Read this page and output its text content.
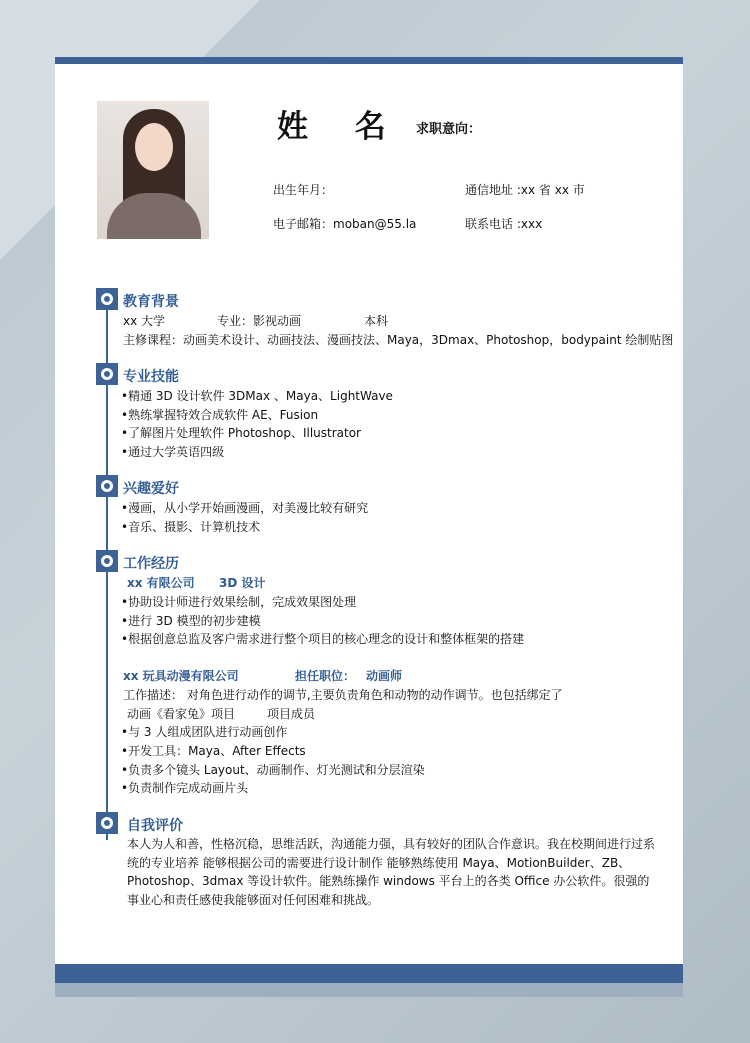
姓 名 求职意向：
出生年月：	通信地址 :xx 省 xx 市
电子邮箱：moban@55.la	联系电话 :xxx
教育背景
xx 大学	专业：影视动画	本科
主修课程：动画美术设计、动画技法、漫画技法、Maya，3Dmax、Photoshop，bodypaint 绘制贴图
专业技能
•精通 3D 设计软件 3DMax 、Maya、LightWave
•熟练掌握特效合成软件 AE、Fusion
•了解图片处理软件 Photoshop、Illustrator
•通过大学英语四级
兴趣爱好
•漫画，从小学开始画漫画，对美漫比较有研究
•音乐、摄影、计算机技术
工作经历
xx 有限公司 3D 设计
•协助设计师进行效果绘制，完成效果图处理
•进行 3D 模型的初步建模
•根据创意总监及客户需求进行整个项目的核心理念的设计和整体框架的搭建
xx 玩具动漫有限公司	担任职位： 动画师
工作描述： 对角色进行动作的调节,主要负责角色和动物的动作调节。也包括绑定了
动画《看家兔》项目	项目成员
•与 3 人组成团队进行动画创作
•开发工具：Maya、After Effects
•负责多个镜头 Layout、动画制作、灯光测试和分层渲染
•负责制作完成动画片头
自我评价
本人为人和善，性格沉稳，思维活跃，沟通能力强，具有较好的团队合作意识。我在校期间进行过系统的专业培养 能够根据公司的需要进行设计制作 能够熟练使用 Maya、MotionBuilder、ZB、Photoshop、3dmax 等设计软件。能熟练操作 windows 平台上的各类 Office 办公软件。很强的事业心和责任感使我能够面对任何困难和挑战。
